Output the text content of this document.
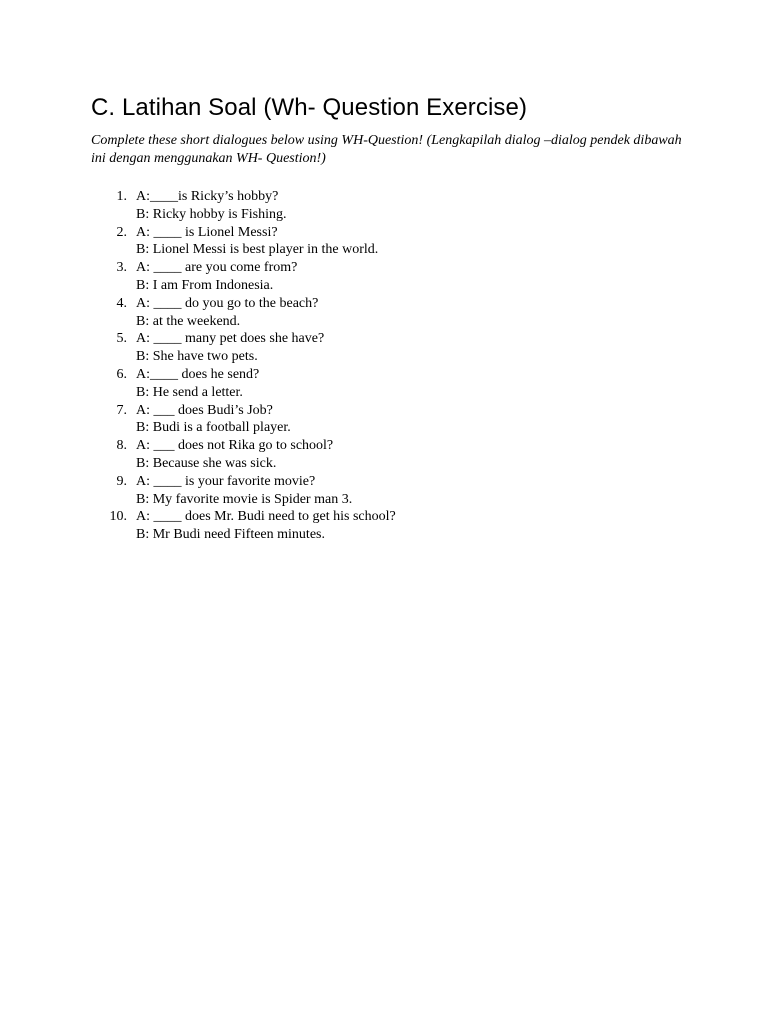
C. Latihan Soal (Wh- Question Exercise)

Complete these short dialogues below using WH-Question! (Lengkapilah dialog –dialog pendek dibawah ini dengan menggunakan WH- Question!)

1. A:____is Ricky’s hobby?
B: Ricky hobby is Fishing.
2. A: ____ is Lionel Messi?
B: Lionel Messi is best player in the world.
3. A: ____ are you come from?
B: I am From Indonesia.
4. A: ____ do you go to the beach?
B: at the weekend.
5. A: ____ many pet does she have?
B: She have two pets.
6. A:____ does he send?
B: He send a letter.
7. A: ___ does Budi’s Job?
B: Budi is a football player.
8. A: ___ does not Rika go to school?
B: Because she was sick.
9. A: ____ is your favorite movie?
B: My favorite movie is Spider man 3.
10. A: ____ does Mr. Budi need to get his school?
B: Mr Budi need Fifteen minutes.
